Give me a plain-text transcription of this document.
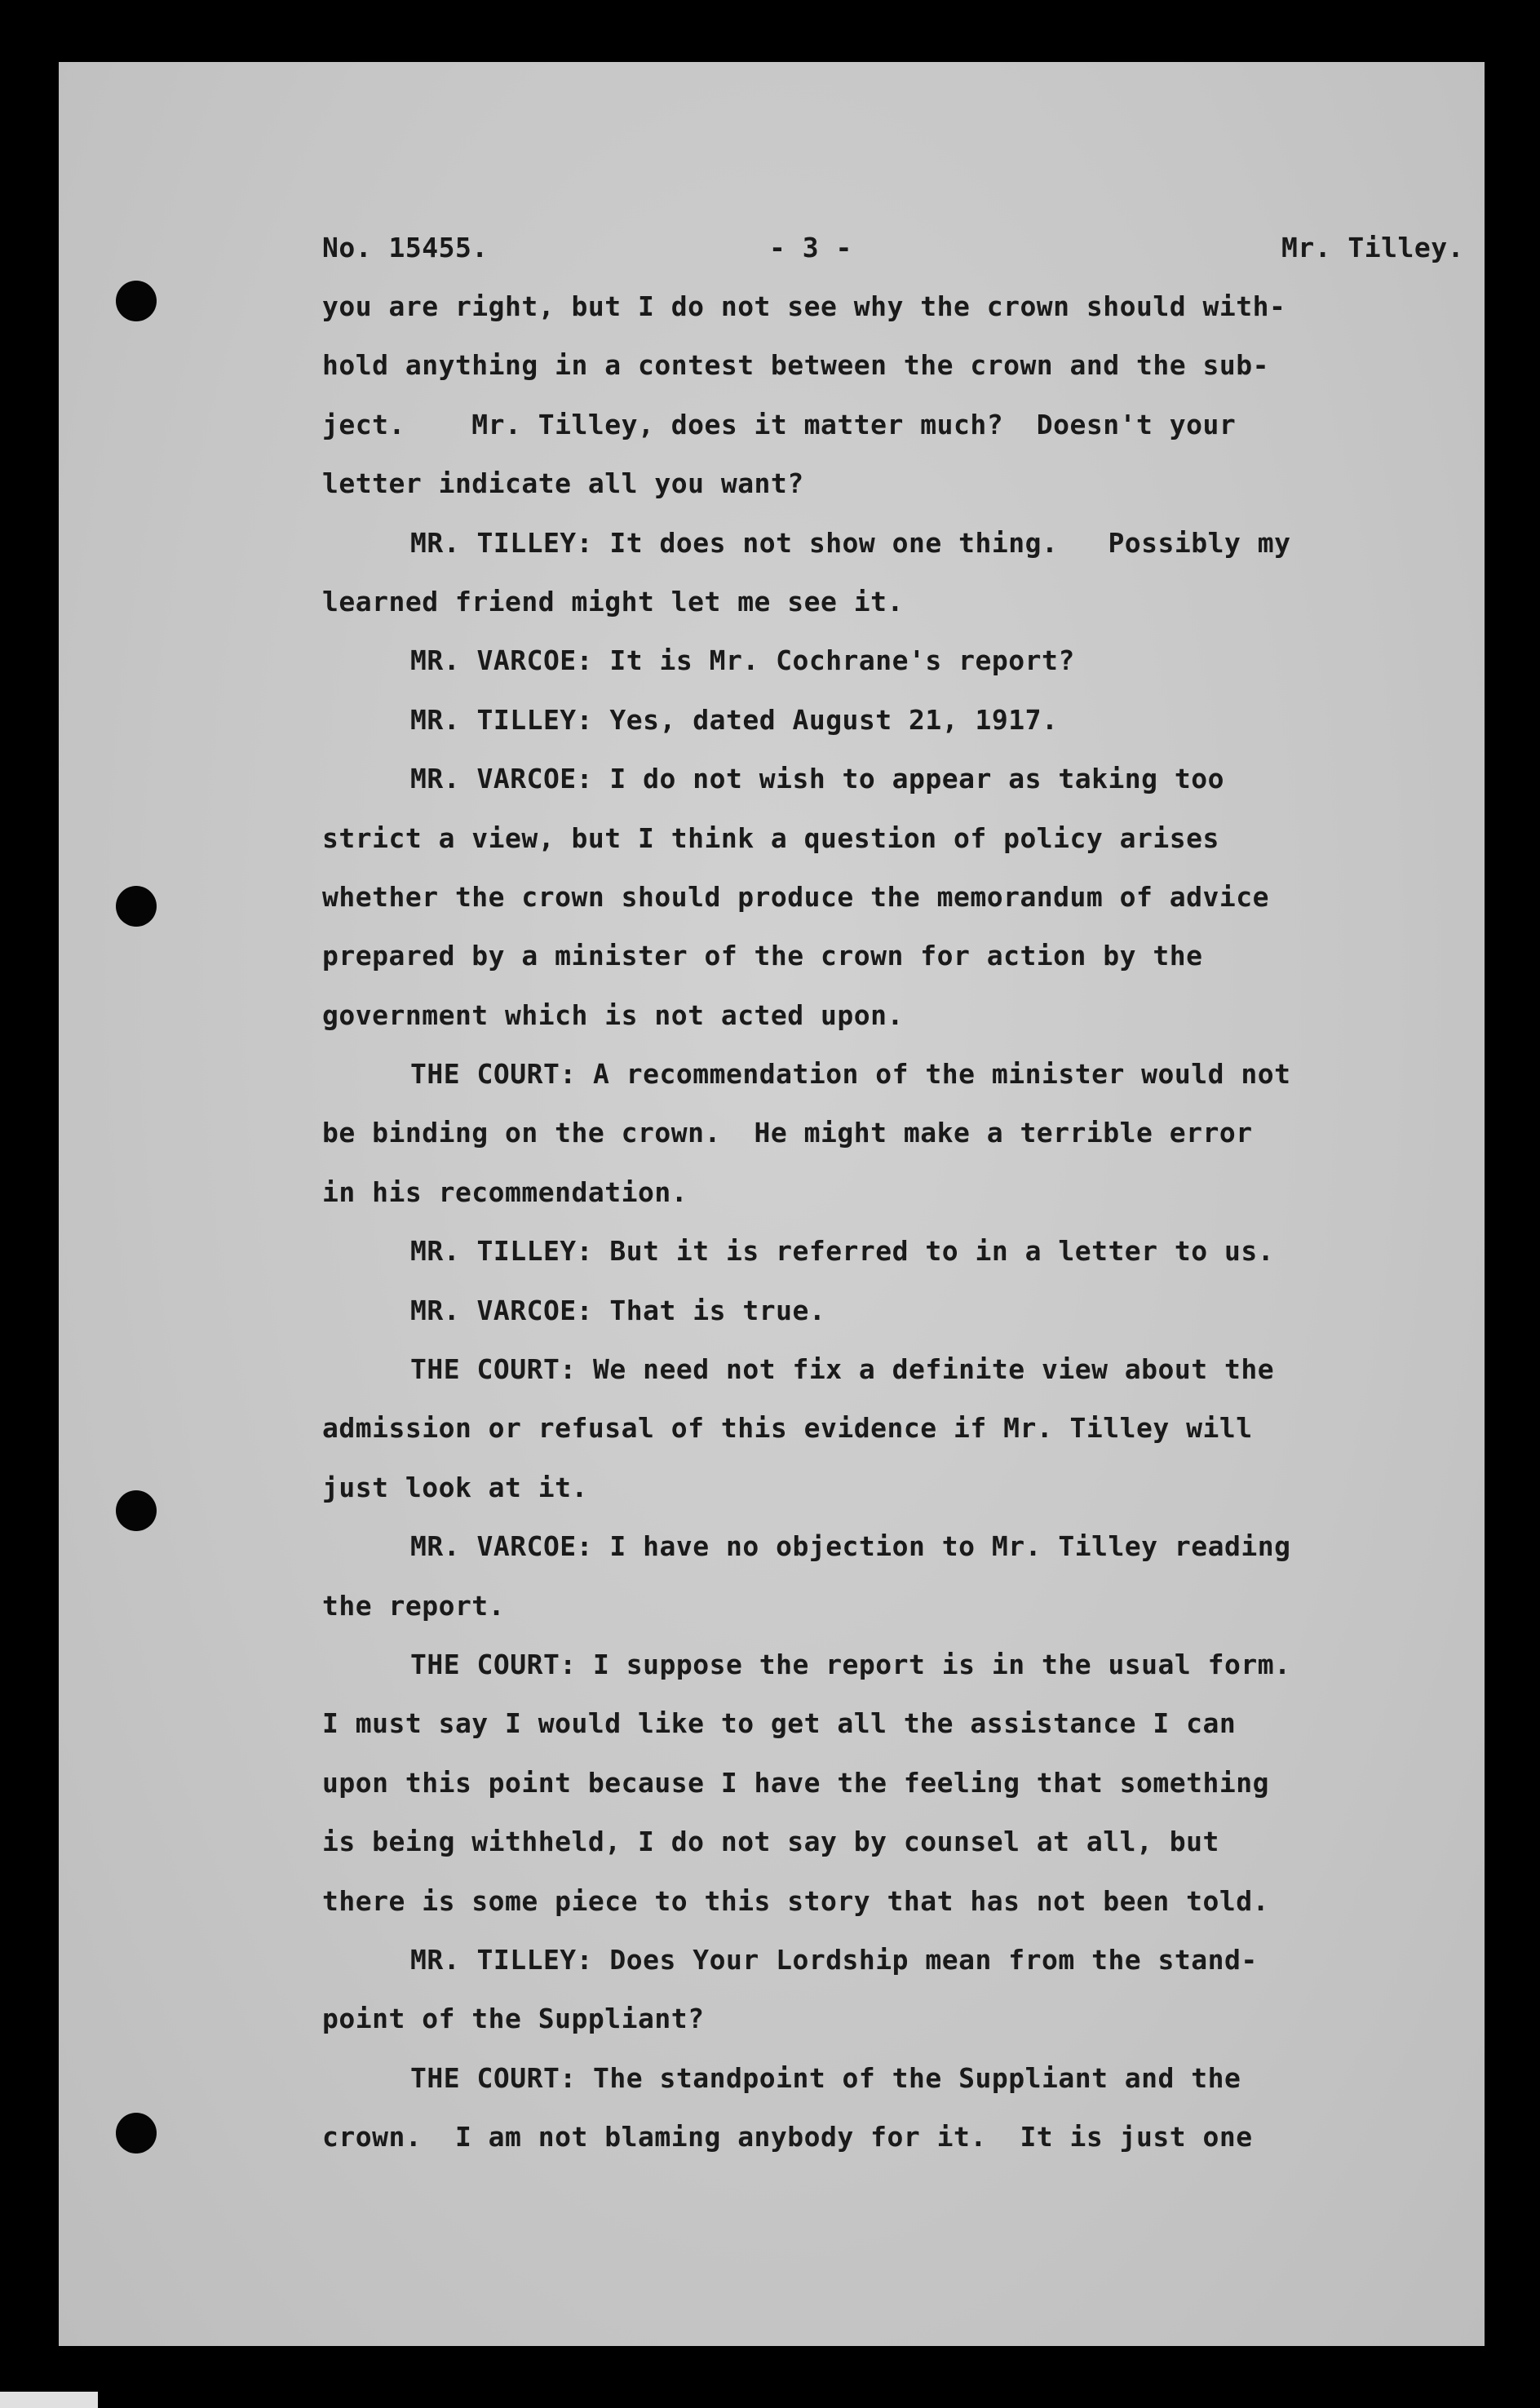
No. 15455.	- 3 -	Mr. Tilley.
you are right, but I do not see why the crown should with-
hold anything in a contest between the crown and the sub-
ject.    Mr. Tilley, does it matter much?  Doesn't your
letter indicate all you want?
MR. TILLEY: It does not show one thing.   Possibly my
learned friend might let me see it.
MR. VARCOE: It is Mr. Cochrane's report?
MR. TILLEY: Yes, dated August 21, 1917.
MR. VARCOE: I do not wish to appear as taking too
strict a view, but I think a question of policy arises
whether the crown should produce the memorandum of advice
prepared by a minister of the crown for action by the
government which is not acted upon.
THE COURT: A recommendation of the minister would not
be binding on the crown.  He might make a terrible error
in his recommendation.
MR. TILLEY: But it is referred to in a letter to us.
MR. VARCOE: That is true.
THE COURT: We need not fix a definite view about the
admission or refusal of this evidence if Mr. Tilley will
just look at it.
MR. VARCOE: I have no objection to Mr. Tilley reading
the report.
THE COURT: I suppose the report is in the usual form.
I must say I would like to get all the assistance I can
upon this point because I have the feeling that something
is being withheld, I do not say by counsel at all, but
there is some piece to this story that has not been told.
MR. TILLEY: Does Your Lordship mean from the stand-
point of the Suppliant?
THE COURT: The standpoint of the Suppliant and the
crown.  I am not blaming anybody for it.  It is just one
